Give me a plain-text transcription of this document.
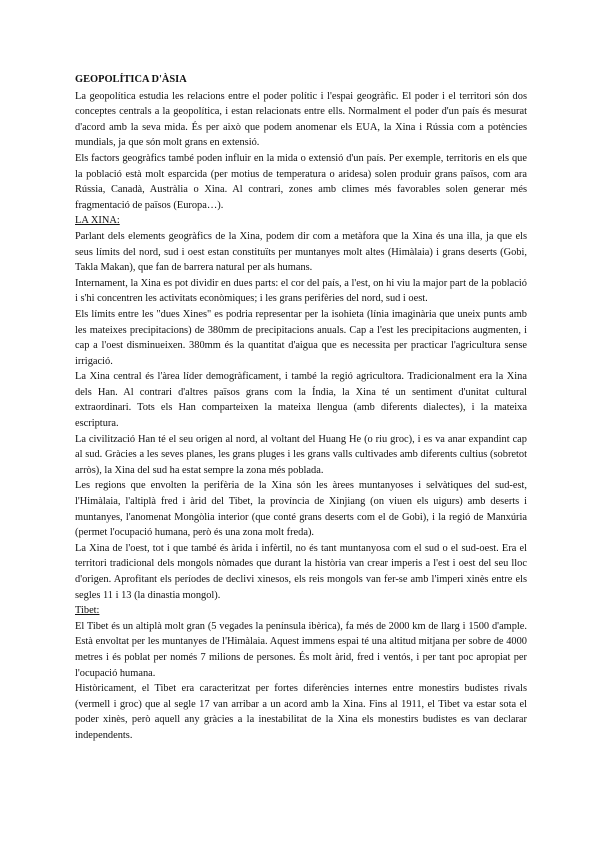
GEOPOLÍTICA D'ÀSIA

La geopolítica estudia les relacions entre el poder polític i l'espai geogràfic. El poder i el territori són dos conceptes centrals a la geopolítica, i estan relacionats entre ells. Normalment el poder d'un país és mesurat d'acord amb la seva mida. És per això que podem anomenar els EUA, la Xina i Rússia com a potències mundials, ja que són molt grans en extensió.

Els factors geogràfics també poden influir en la mida o extensió d'un país. Per exemple, territoris en els que la població està molt esparcida (per motius de temperatura o aridesa) solen produir grans països, com ara Rússia, Canadà, Austràlia o Xina. Al contrari, zones amb climes més favorables solen generar més fragmentació de països (Europa…).

LA XINA:

Parlant dels elements geogràfics de la Xina, podem dir com a metàfora que la Xina és una illa, ja que els seus límits del nord, sud i oest estan constituïts per muntanyes molt altes (Himàlaia) i grans deserts (Gobi, Takla Makan), que fan de barrera natural per als humans.

Internament, la Xina es pot dividir en dues parts: el cor del país, a l'est, on hi viu la major part de la població i s'hi concentren les activitats econòmiques; i les grans perifèries del nord, sud i oest.

Els límits entre les "dues Xines" es podria representar per la isohieta (línia imaginària que uneix punts amb les mateixes precipitacions) de 380mm de precipitacions anuals. Cap a l'est les precipitacions augmenten, i cap a l'oest disminueixen. 380mm és la quantitat d'aigua que es necessita per practicar l'agricultura sense irrigació.

La Xina central és l'àrea líder demogràficament, i també la regió agricultora. Tradicionalment era la Xina dels Han. Al contrari d'altres països grans com la Índia, la Xina té un sentiment d'unitat cultural extraordinari. Tots els Han comparteixen la mateixa llengua (amb diferents dialectes), i la mateixa escriptura.

La civilització Han té el seu origen al nord, al voltant del Huang He (o riu groc), i es va anar expandint cap al sud. Gràcies a les seves planes, les grans pluges i les grans valls cultivades amb diferents cultius (sobretot arròs), la Xina del sud ha estat sempre la zona més poblada.

Les regions que envolten la perifèria de la Xina són les àrees muntanyoses i selvàtiques del sud-est, l'Himàlaia, l'altiplà fred i àrid del Tibet, la província de Xinjiang (on viuen els uigurs) amb deserts i muntanyes, l'anomenat Mongòlia interior (que conté grans deserts com el de Gobi), i la regió de Manxúria (permet l'ocupació humana, però és una zona molt freda).

La Xina de l'oest, tot i que també és àrida i infèrtil, no és tant muntanyosa com el sud o el sud-oest. Era el territori tradicional dels mongols nòmades que durant la història van crear imperis a l'est i oest del seu lloc d'origen. Aprofitant els períodes de declivi xinesos, els reis mongols van fer-se amb l'imperi xinès entre els segles 11 i 13 (la dinastia mongol).

Tibet:

El Tibet és un altiplà molt gran (5 vegades la península ibèrica), fa més de 2000 km de llarg i 1500 d'ample. Està envoltat per les muntanyes de l'Himàlaia. Aquest immens espai té una altitud mitjana per sobre de 4000 metres i és poblat per només 7 milions de persones. És molt àrid, fred i ventós, i per tant poc apropiat per l'ocupació humana.

Històricament, el Tibet era caracteritzat per fortes diferències internes entre monestirs budistes rivals (vermell i groc) que al segle 17 van arribar a un acord amb la Xina. Fins al 1911, el Tibet va estar sota el poder xinès, però aquell any gràcies a la inestabilitat de la Xina els monestirs budistes es van declarar independents.
